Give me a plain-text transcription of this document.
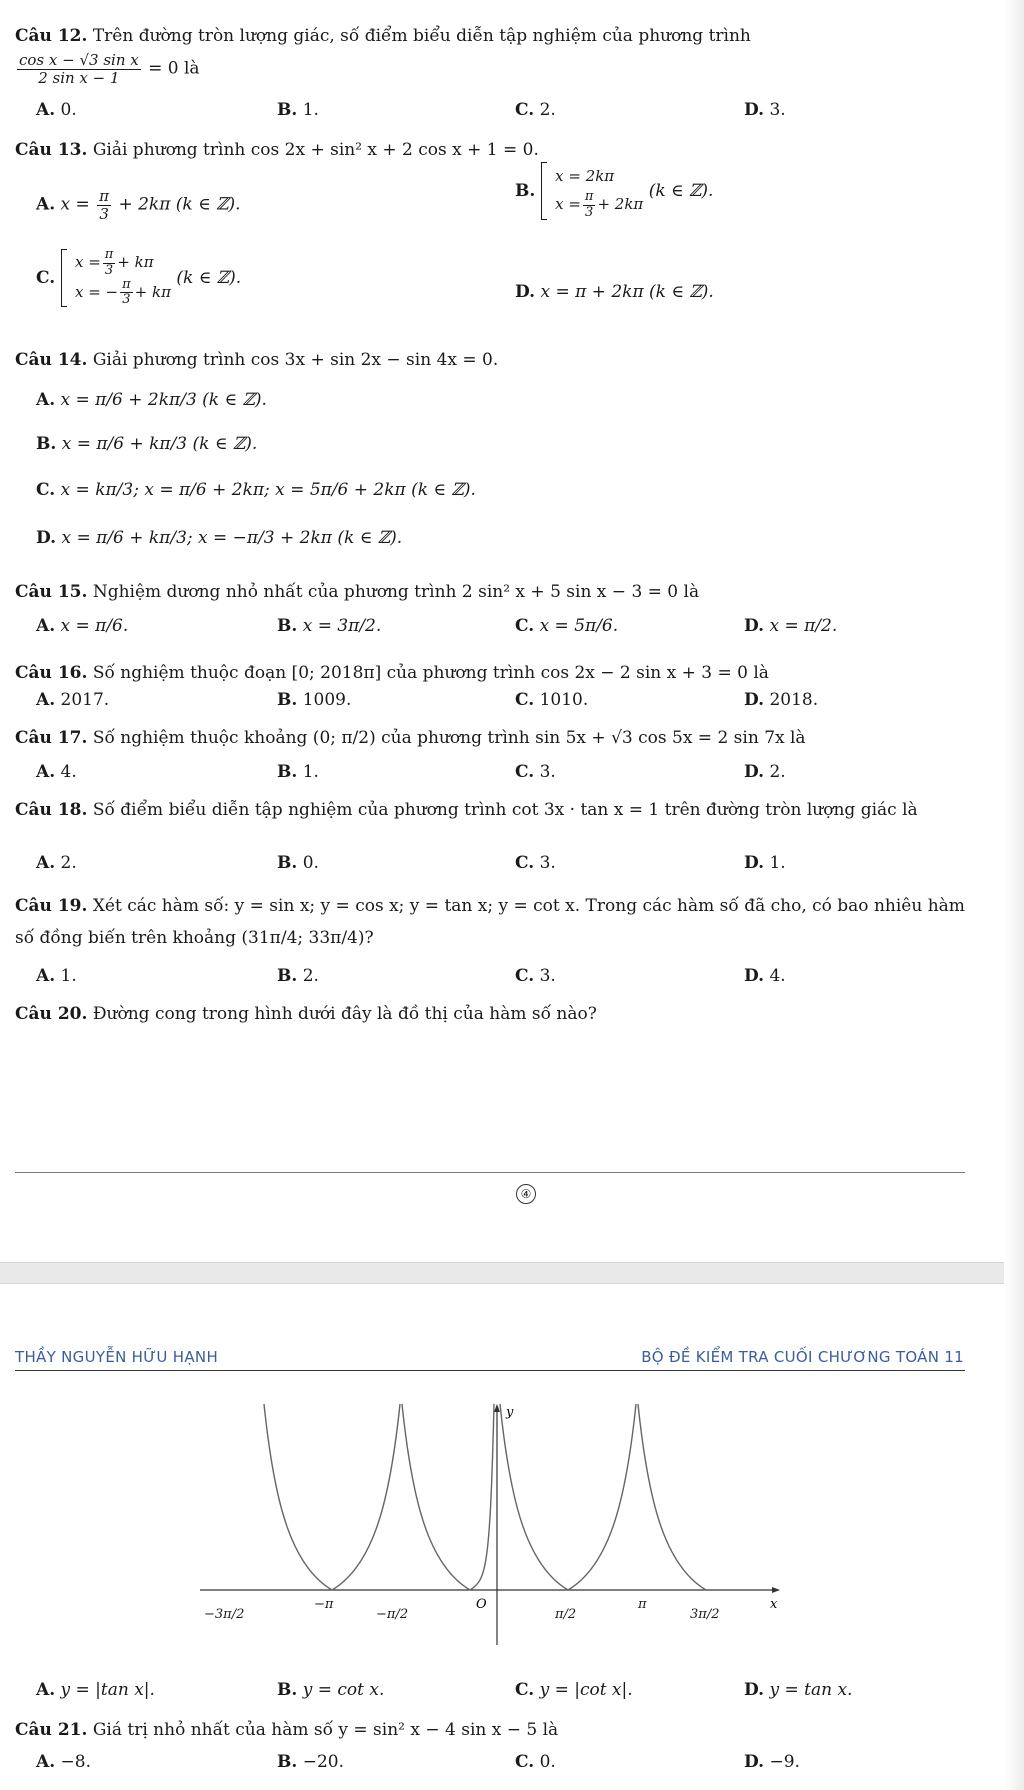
Câu 12. Trên đường tròn lượng giác, số điểm biểu diễn tập nghiệm của phương trình
$\frac{\text{cos x − √3 sin x}}{\text{2 sin x − 1}} = 0$ là
A. 0.	B. 1.	C. 2.	D. 3.
Câu 13. Giải phương trình cos 2x + sin² x + 2 cos x + 1 = 0.
A. $x = \frac{\pi}{3} + 2k\pi$ (k ∈ ℤ).
B.
x = 2kπ
$x = \frac{\pi}{3} + 2k\pi$
(k ∈ ℤ).
C.
$x = \frac{\pi}{3} + k\pi$
x = − $\frac{\pi}{3} + k\pi$
(k ∈ ℤ).
D. x = π + 2kπ (k ∈ ℤ).
Câu 14. Giải phương trình cos 3x + sin 2x − sin 4x = 0.
A. x = π/6 + 2kπ/3 (k ∈ ℤ).
B. x = π/6 + kπ/3 (k ∈ ℤ).
C. x = kπ/3; x = π/6 + 2kπ; x = 5π/6 + 2kπ (k ∈ ℤ).
D. x = π/6 + kπ/3; x = −π/3 + 2kπ (k ∈ ℤ).
Câu 15. Nghiệm dương nhỏ nhất của phương trình 2 sin² x + 5 sin x − 3 = 0 là
A. x = π/6.	B. x = 3π/2.	C. x = 5π/6.	D. x = π/2.
Câu 16. Số nghiệm thuộc đoạn [0; 2018π] của phương trình cos 2x − 2 sin x + 3 = 0 là
A. 2017.	B. 1009.	C. 1010.	D. 2018.
Câu 17. Số nghiệm thuộc khoảng (0; π/2) của phương trình sin 5x + √3 cos 5x = 2 sin 7x là
A. 4.	B. 1.	C. 3.	D. 2.
Câu 18. Số điểm biểu diễn tập nghiệm của phương trình cot 3x · tan x = 1 trên đường tròn lượng giác là
A. 2.	B. 0.	C. 3.	D. 1.
Câu 19. Xét các hàm số: y = sin x; y = cos x; y = tan x; y = cot x. Trong các hàm số đã cho, có bao nhiêu hàm số đồng biến trên khoảng (31π/4; 33π/4)?
A. 1.	B. 2.	C. 3.	D. 4.
Câu 20. Đường cong trong hình dưới đây là đồ thị của hàm số nào?
④
THẦY NGUYỄN HỮU HẠNH	BỘ ĐỀ KIỂM TRA CUỐI CHƯƠNG TOÁN 11
y
x
O
−3π/2
−π
−π/2	π/2
π
3π/2
A. y = |tan x|.	B. y = cot x.	C. y = |cot x|.	D. y = tan x.
Câu 21. Giá trị nhỏ nhất của hàm số y = sin² x − 4 sin x − 5 là
A. −8.	B. −20.	C. 0.	D. −9.
